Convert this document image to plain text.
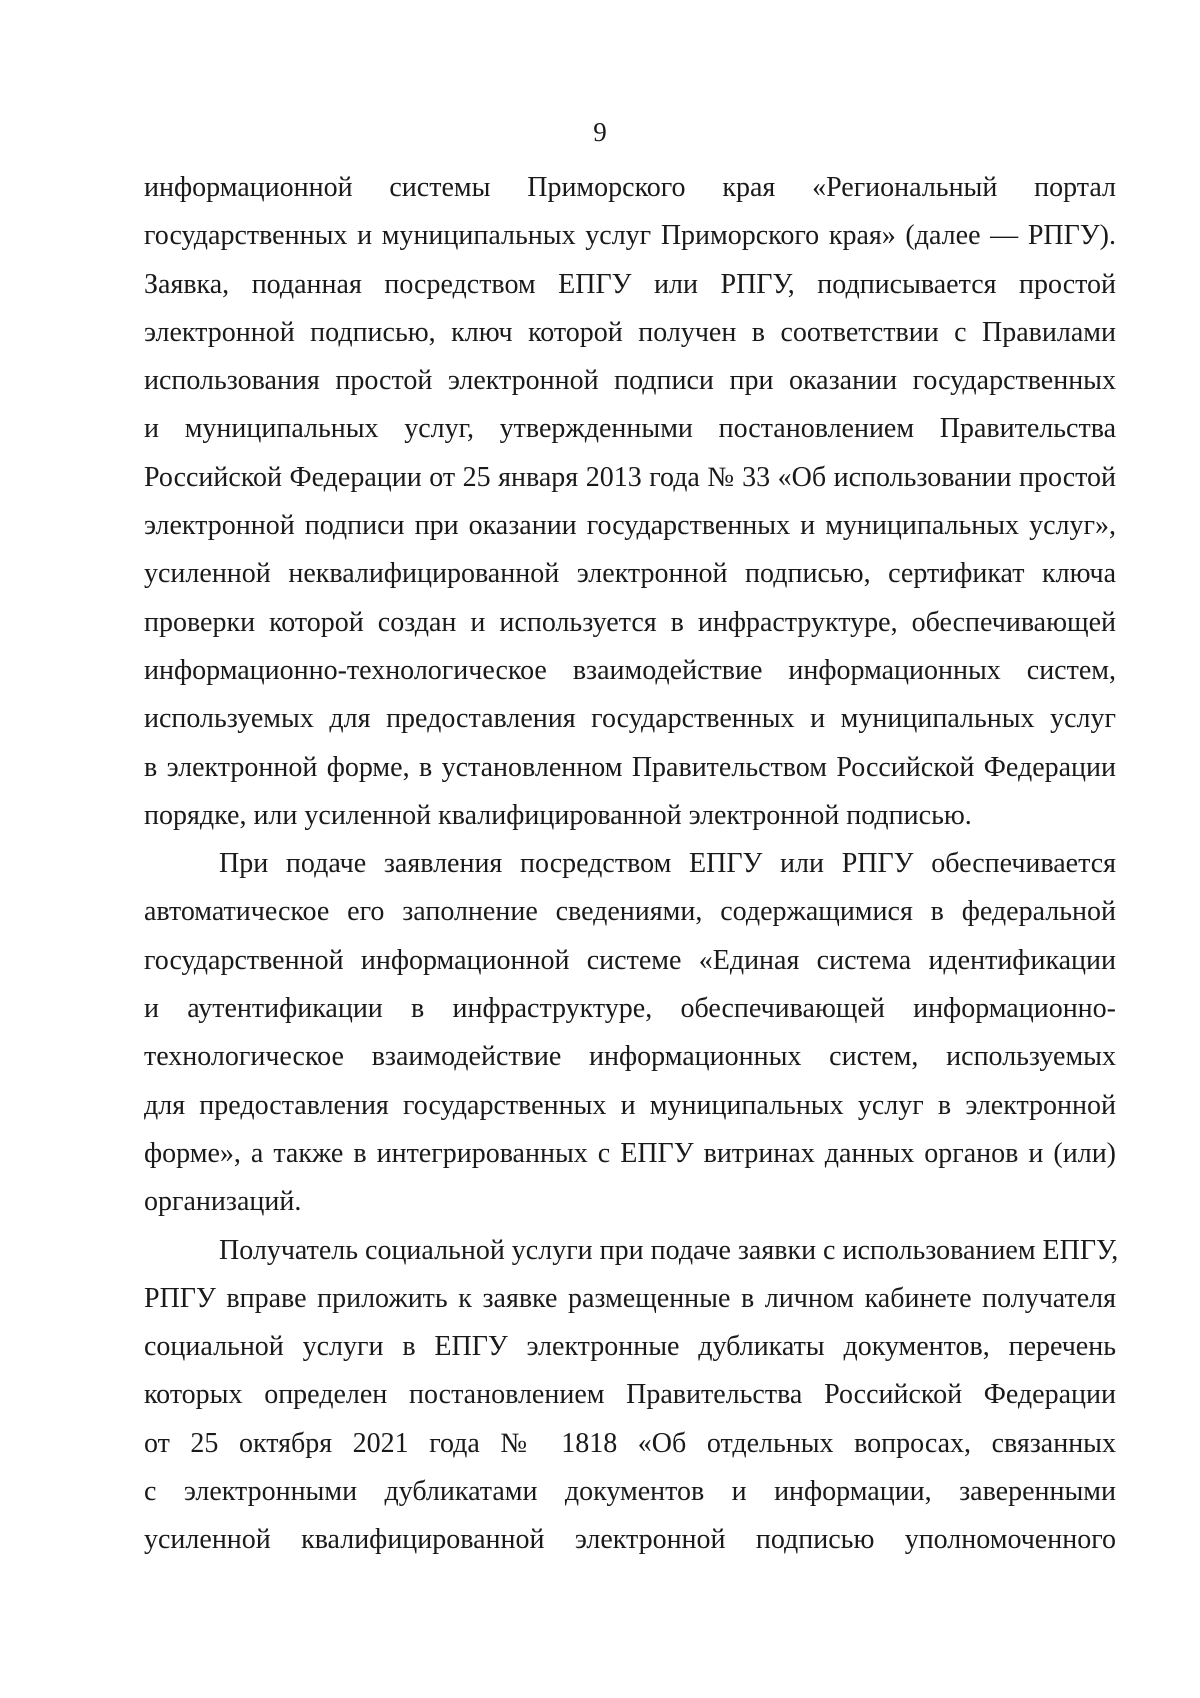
9

информационной системы Приморского края «Региональный портал
государственных и муниципальных услуг Приморского края» (далее — РПГУ).
Заявка, поданная посредством ЕПГУ или РПГУ, подписывается простой
электронной подписью, ключ которой получен в соответствии с Правилами
использования простой электронной подписи при оказании государственных
и муниципальных услуг, утвержденными постановлением Правительства
Российской Федерации от 25 января 2013 года № 33 «Об использовании простой
электронной подписи при оказании государственных и муниципальных услуг»,
усиленной неквалифицированной электронной подписью, сертификат ключа
проверки которой создан и используется в инфраструктуре, обеспечивающей
информационно-технологическое взаимодействие информационных систем,
используемых для предоставления государственных и муниципальных услуг
в электронной форме, в установленном Правительством Российской Федерации
порядке, или усиленной квалифицированной электронной подписью.

При подаче заявления посредством ЕПГУ или РПГУ обеспечивается
автоматическое его заполнение сведениями, содержащимися в федеральной
государственной информационной системе «Единая система идентификации
и аутентификации в инфраструктуре, обеспечивающей информационно-
технологическое взаимодействие информационных систем, используемых
для предоставления государственных и муниципальных услуг в электронной
форме», а также в интегрированных с ЕПГУ витринах данных органов и (или)
организаций.

Получатель социальной услуги при подаче заявки с использованием ЕПГУ,
РПГУ вправе приложить к заявке размещенные в личном кабинете получателя
социальной услуги в ЕПГУ электронные дубликаты документов, перечень
которых определен постановлением Правительства Российской Федерации
от 25 октября 2021 года № 1818 «Об отдельных вопросах, связанных
с электронными дубликатами документов и информации, заверенными
усиленной квалифицированной электронной подписью уполномоченного
